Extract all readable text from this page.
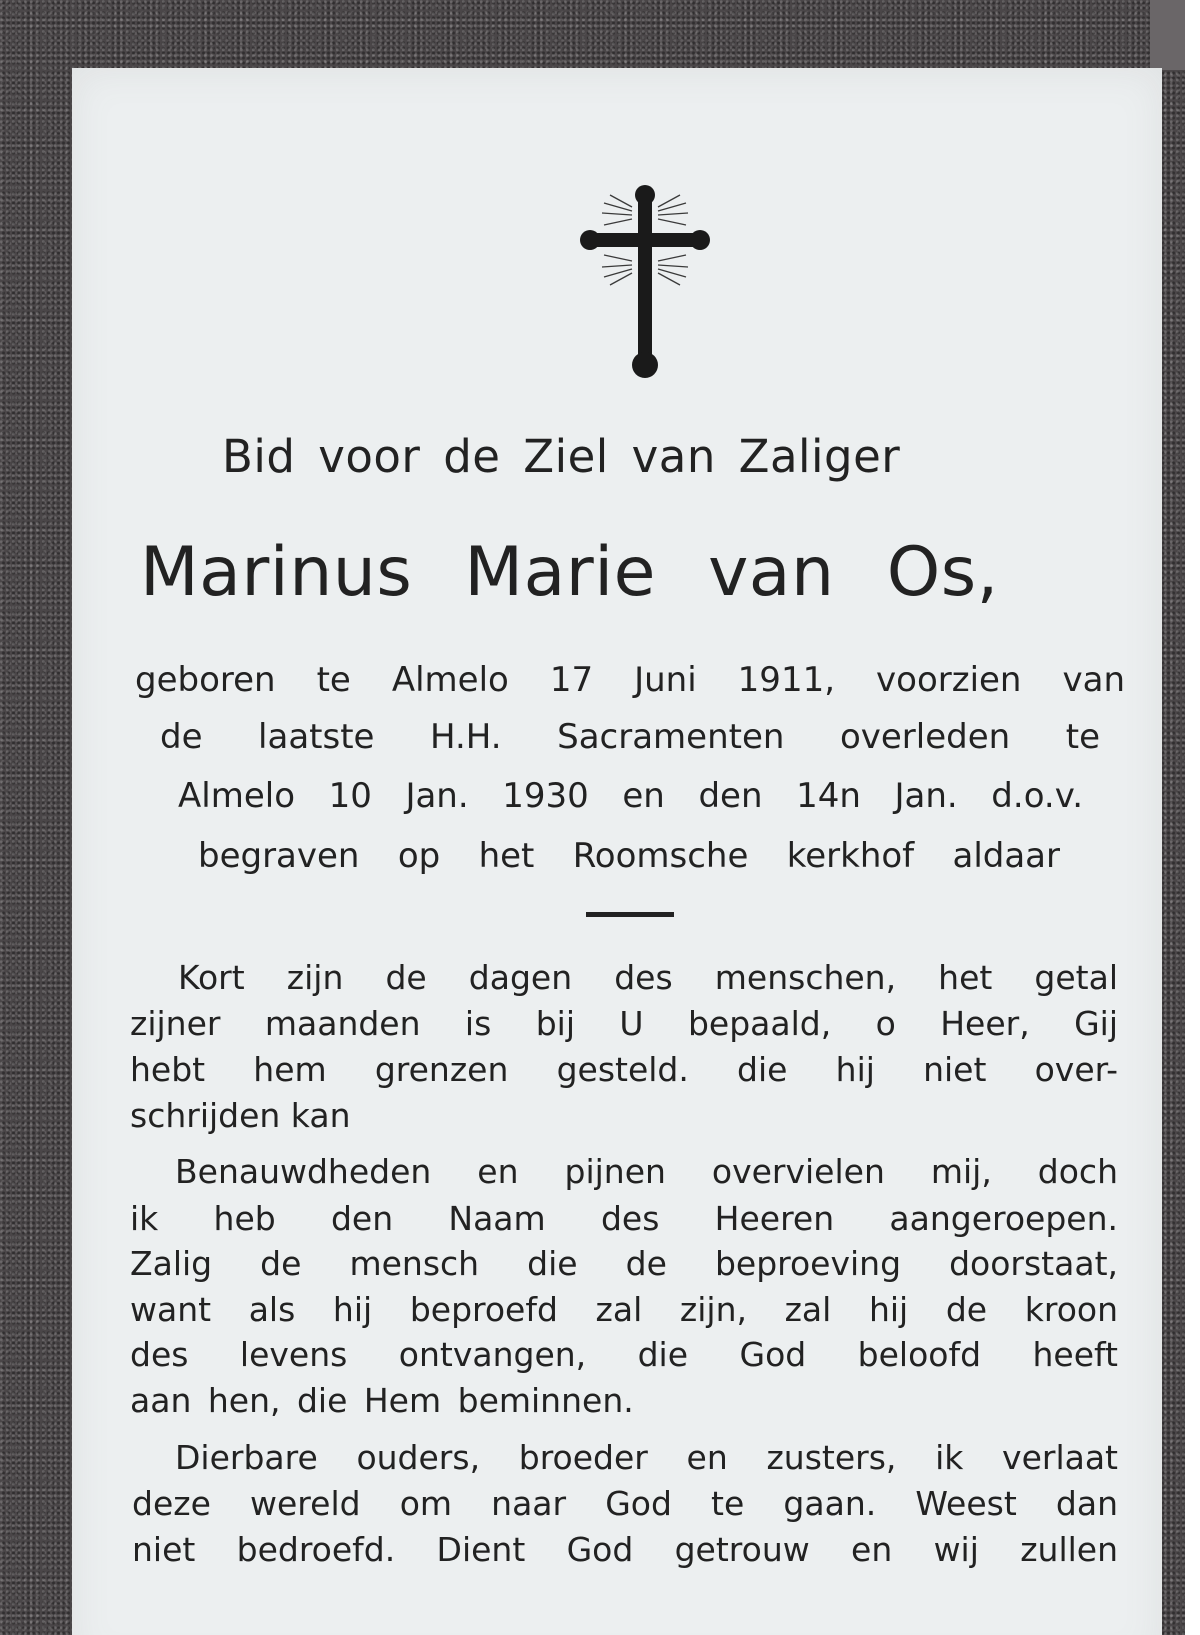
Bid voor de Ziel van Zaliger
Marinus Marie van Os,
geboren te Almelo 17 Juni 1911, voorzien van
de laatste H.H. Sacramenten overleden te
Almelo 10 Jan. 1930 en den 14n Jan. d.o.v.
begraven op het Roomsche kerkhof aldaar
Kort zijn de dagen des menschen, het getal
zijner maanden is bij U bepaald, o Heer, Gij
hebt hem grenzen gesteld. die hij niet over-
schrijden kan
Benauwdheden en pijnen overvielen mij, doch
ik heb den Naam des Heeren aangeroepen.
Zalig de mensch die de beproeving doorstaat,
want als hij beproefd zal zijn, zal hij de kroon
des levens ontvangen, die God beloofd heeft
aan hen, die Hem beminnen.
Dierbare ouders, broeder en zusters, ik verlaat
deze wereld om naar God te gaan. Weest dan
niet bedroefd. Dient God getrouw en wij zullen
